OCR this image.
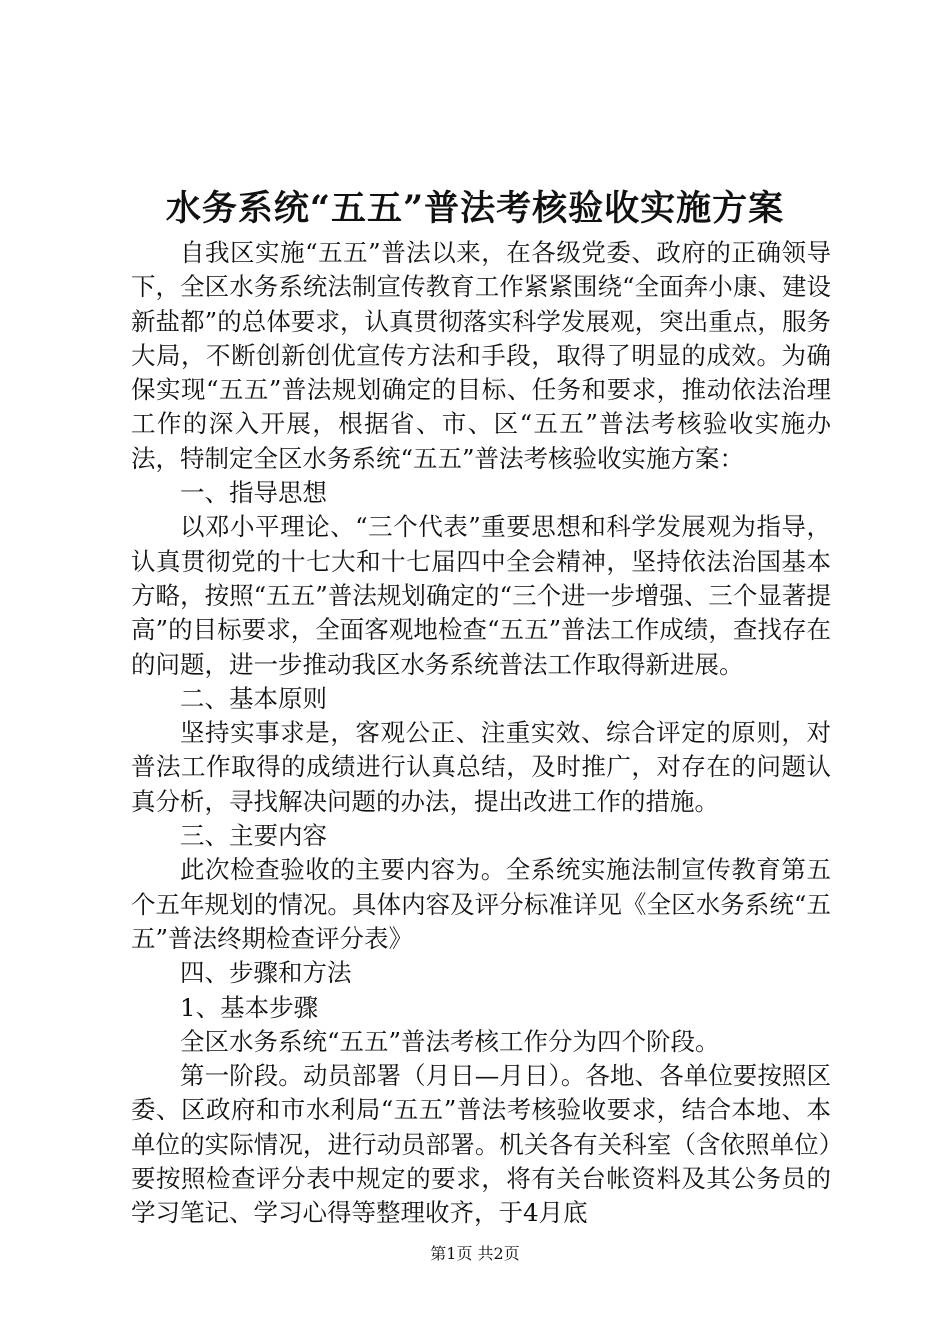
水务系统“五五”普法考核验收实施方案

自我区实施“五五”普法以来，在各级党委、政府的正确领导下，全区水务系统法制宣传教育工作紧紧围绕“全面奔小康、建设新盐都”的总体要求，认真贯彻落实科学发展观，突出重点，服务大局，不断创新创优宣传方法和手段，取得了明显的成效。为确保实现“五五”普法规划确定的目标、任务和要求，推动依法治理工作的深入开展，根据省、市、区“五五”普法考核验收实施办法，特制定全区水务系统“五五”普法考核验收实施方案：

一、指导思想

以邓小平理论、“三个代表”重要思想和科学发展观为指导，认真贯彻党的十七大和十七届四中全会精神，坚持依法治国基本方略，按照“五五”普法规划确定的“三个进一步增强、三个显著提高”的目标要求，全面客观地检查“五五”普法工作成绩，查找存在的问题，进一步推动我区水务系统普法工作取得新进展。

二、基本原则

坚持实事求是，客观公正、注重实效、综合评定的原则，对普法工作取得的成绩进行认真总结，及时推广，对存在的问题认真分析，寻找解决问题的办法，提出改进工作的措施。

三、主要内容

此次检查验收的主要内容为。全系统实施法制宣传教育第五个五年规划的情况。具体内容及评分标准详见《全区水务系统“五五”普法终期检查评分表》

四、步骤和方法

1、基本步骤

全区水务系统“五五”普法考核工作分为四个阶段。

第一阶段。动员部署（月日—月日）。各地、各单位要按照区委、区政府和市水利局“五五”普法考核验收要求，结合本地、本单位的实际情况，进行动员部署。机关各有关科室（含依照单位）要按照检查评分表中规定的要求，将有关台帐资料及其公务员的学习笔记、学习心得等整理收齐，于4月底

第1页 共2页
